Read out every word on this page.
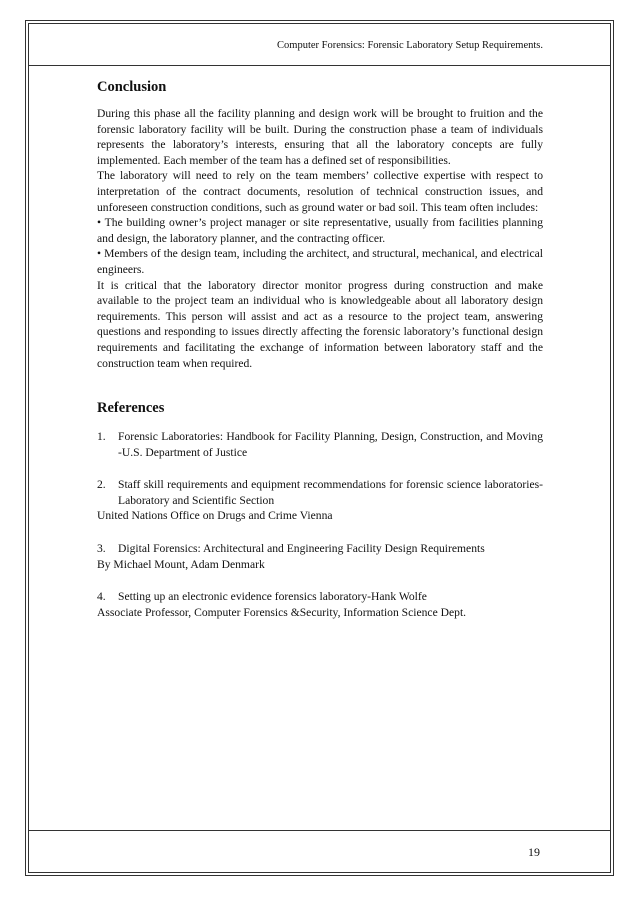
Computer Forensics: Forensic Laboratory Setup Requirements.
Conclusion

During this phase all the facility planning and design work will be brought to fruition and the forensic laboratory facility will be built. During the construction phase a team of individuals represents the laboratory’s interests, ensuring that all the laboratory concepts are fully implemented. Each member of the team has a defined set of responsibilities.

The laboratory will need to rely on the team members’ collective expertise with respect to interpretation of the contract documents, resolution of technical construction issues, and unforeseen construction conditions, such as ground water or bad soil. This team often includes:

• The building owner’s project manager or site representative, usually from facilities planning and design, the laboratory planner, and the contracting officer.

• Members of the design team, including the architect, and structural, mechanical, and electrical engineers.

It is critical that the laboratory director monitor progress during construction and make available to the project team an individual who is knowledgeable about all laboratory design requirements. This person will assist and act as a resource to the project team, answering questions and responding to issues directly affecting the forensic laboratory’s functional design requirements and facilitating the exchange of information between laboratory staff and the construction team when required.

References
1.	Forensic Laboratories: Handbook for Facility Planning, Design, Construction, and Moving -U.S. Department of Justice
2.	Staff skill requirements and equipment recommendations for forensic science laboratories-Laboratory and Scientific Section
United Nations Office on Drugs and Crime Vienna
3.	Digital Forensics: Architectural and Engineering Facility Design Requirements
By Michael Mount, Adam Denmark
4.	Setting up an electronic evidence forensics laboratory-Hank Wolfe
Associate Professor, Computer Forensics &Security, Information Science Dept.
19
